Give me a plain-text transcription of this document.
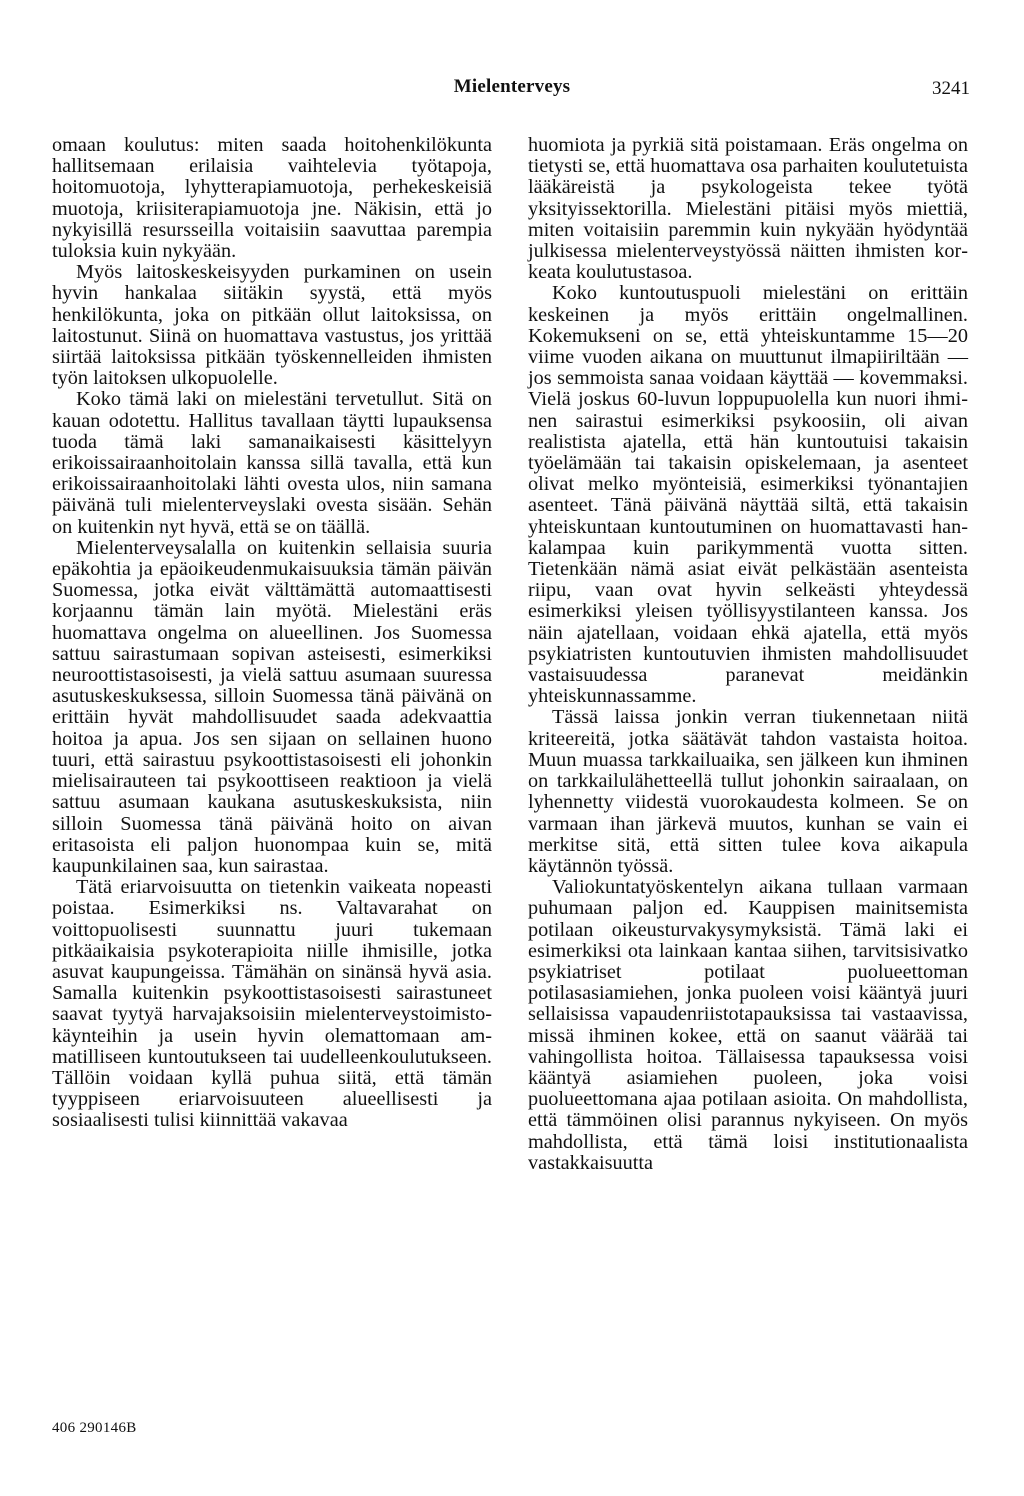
Mielenterveys	3241

omaan koulutus: miten saada hoitohenkilökunta hallitsemaan erilaisia vaihtelevia työtapoja, hoitomuotoja, lyhytterapiamuotoja, perhekeskeisiä muotoja, kriisiterapiamuotoja jne. Näkisin, että jo nykyisillä resursseilla voitaisiin saavuttaa parempia tuloksia kuin nykyään.

Myös laitoskeskeisyyden purkaminen on usein hyvin hankalaa siitäkin syystä, että myös henkilökunta, joka on pitkään ollut laitoksissa, on laitostunut. Siinä on huomattava vastustus, jos yrittää siirtää laitoksissa pitkään työskennelleiden ihmisten työn laitoksen ulkopuolelle.

Koko tämä laki on mielestäni tervetullut. Sitä on kauan odotettu. Hallitus tavallaan täytti lupauksensa tuoda tämä laki samanaikaisesti käsittelyyn erikoissairaanhoitolain kanssa sillä tavalla, että kun erikoissairaanhoitolaki lähti ovesta ulos, niin samana päivänä tuli mielenterveyslaki ovesta sisään. Sehän on kuitenkin nyt hyvä, että se on täällä.

Mielenterveysalalla on kuitenkin sellaisia suuria epäkohtia ja epäoikeudenmukaisuuksia tämän päivän Suomessa, jotka eivät välttämättä automaattisesti korjaannu tämän lain myötä. Mielestäni eräs huomattava ongelma on alueellinen. Jos Suomessa sattuu sairastumaan sopivan asteisesti, esimerkiksi neuroottistasoisesti, ja vielä sattuu asumaan suuressa asutuskeskuksessa, silloin Suomessa tänä päivänä on erittäin hyvät mahdollisuudet saada adekvaattia hoitoa ja apua. Jos sen sijaan on sellainen huono tuuri, että sairastuu psykoottistasoisesti eli johonkin mielisairauteen tai psykoottiseen reaktioon ja vielä sattuu asumaan kaukana asutuskeskuksista, niin silloin Suomessa tänä päivänä hoito on aivan eritasoista eli paljon huonompaa kuin se, mitä kaupunkilainen saa, kun sairastaa.

Tätä eriarvoisuutta on tietenkin vaikeata nopeasti poistaa. Esimerkiksi ns. Valtavarahat on voittopuolisesti suunnattu juuri tukemaan pitkäaikaisia psykoterapioita niille ihmisille, jotka asuvat kaupungeissa. Tämähän on sinänsä hyvä asia. Samalla kuitenkin psykoottistasoisesti sairastuneet saavat tyytyä harvajaksoisiin mielenterveystoimistokäynteihin ja usein hyvin olemattomaan ammatilliseen kuntoutukseen tai uudelleenkoulutukseen. Tällöin voidaan kyllä puhua siitä, että tämän tyyppiseen eriarvoisuuteen alueellisesti ja sosiaalisesti tulisi kiinnittää vakavaa

huomiota ja pyrkiä sitä poistamaan. Eräs ongelma on tietysti se, että huomattava osa parhaiten koulutetuista lääkäreistä ja psykologeista tekee työtä yksityissektorilla. Mielestäni pitäisi myös miettiä, miten voitaisiin paremmin kuin nykyään hyödyntää julkisessa mielenterveystyössä näitten ihmisten korkeata koulutustasoa.

Koko kuntoutuspuoli mielestäni on erittäin keskeinen ja myös erittäin ongelmallinen. Kokemukseni on se, että yhteiskuntamme 15—20 viime vuoden aikana on muuttunut ilmapiiriltään — jos semmoista sanaa voidaan käyttää — kovemmaksi. Vielä joskus 60-luvun loppupuolella kun nuori ihminen sairastui esimerkiksi psykoosiin, oli aivan realistista ajatella, että hän kuntoutuisi takaisin työelämään tai takaisin opiskelemaan, ja asenteet olivat melko myönteisiä, esimerkiksi työnantajien asenteet. Tänä päivänä näyttää siltä, että takaisin yhteiskuntaan kuntoutuminen on huomattavasti hankalampaa kuin parikymmentä vuotta sitten. Tietenkään nämä asiat eivät pelkästään asenteista riipu, vaan ovat hyvin selkeästi yhteydessä esimerkiksi yleisen työllisyystilanteen kanssa. Jos näin ajatellaan, voidaan ehkä ajatella, että myös psykiatristen kuntoutuvien ihmisten mahdollisuudet vastaisuudessa paranevat meidänkin yhteiskunnassamme.

Tässä laissa jonkin verran tiukennetaan niitä kriteereitä, jotka säätävät tahdon vastaista hoitoa. Muun muassa tarkkailuaika, sen jälkeen kun ihminen on tarkkailulähetteellä tullut johonkin sairaalaan, on lyhennetty viidestä vuorokaudesta kolmeen. Se on varmaan ihan järkevä muutos, kunhan se vain ei merkitse sitä, että sitten tulee kova aikapula käytännön työssä.

Valiokuntatyöskentelyn aikana tullaan varmaan puhumaan paljon ed. Kauppisen mainitsemista potilaan oikeusturvakysymyksistä. Tämä laki ei esimerkiksi ota lainkaan kantaa siihen, tarvitsisivatko psykiatriset potilaat puolueettoman potilasasiamiehen, jonka puoleen voisi kääntyä juuri sellaisissa vapaudenriistotapauksissa tai vastaavissa, missä ihminen kokee, että on saanut väärää tai vahingollista hoitoa. Tällaisessa tapauksessa voisi kääntyä asiamiehen puoleen, joka voisi puolueettomana ajaa potilaan asioita. On mahdollista, että tämmöinen olisi parannus nykyiseen. On myös mahdollista, että tämä loisi institutionaalista vastakkaisuutta

406 290146B
